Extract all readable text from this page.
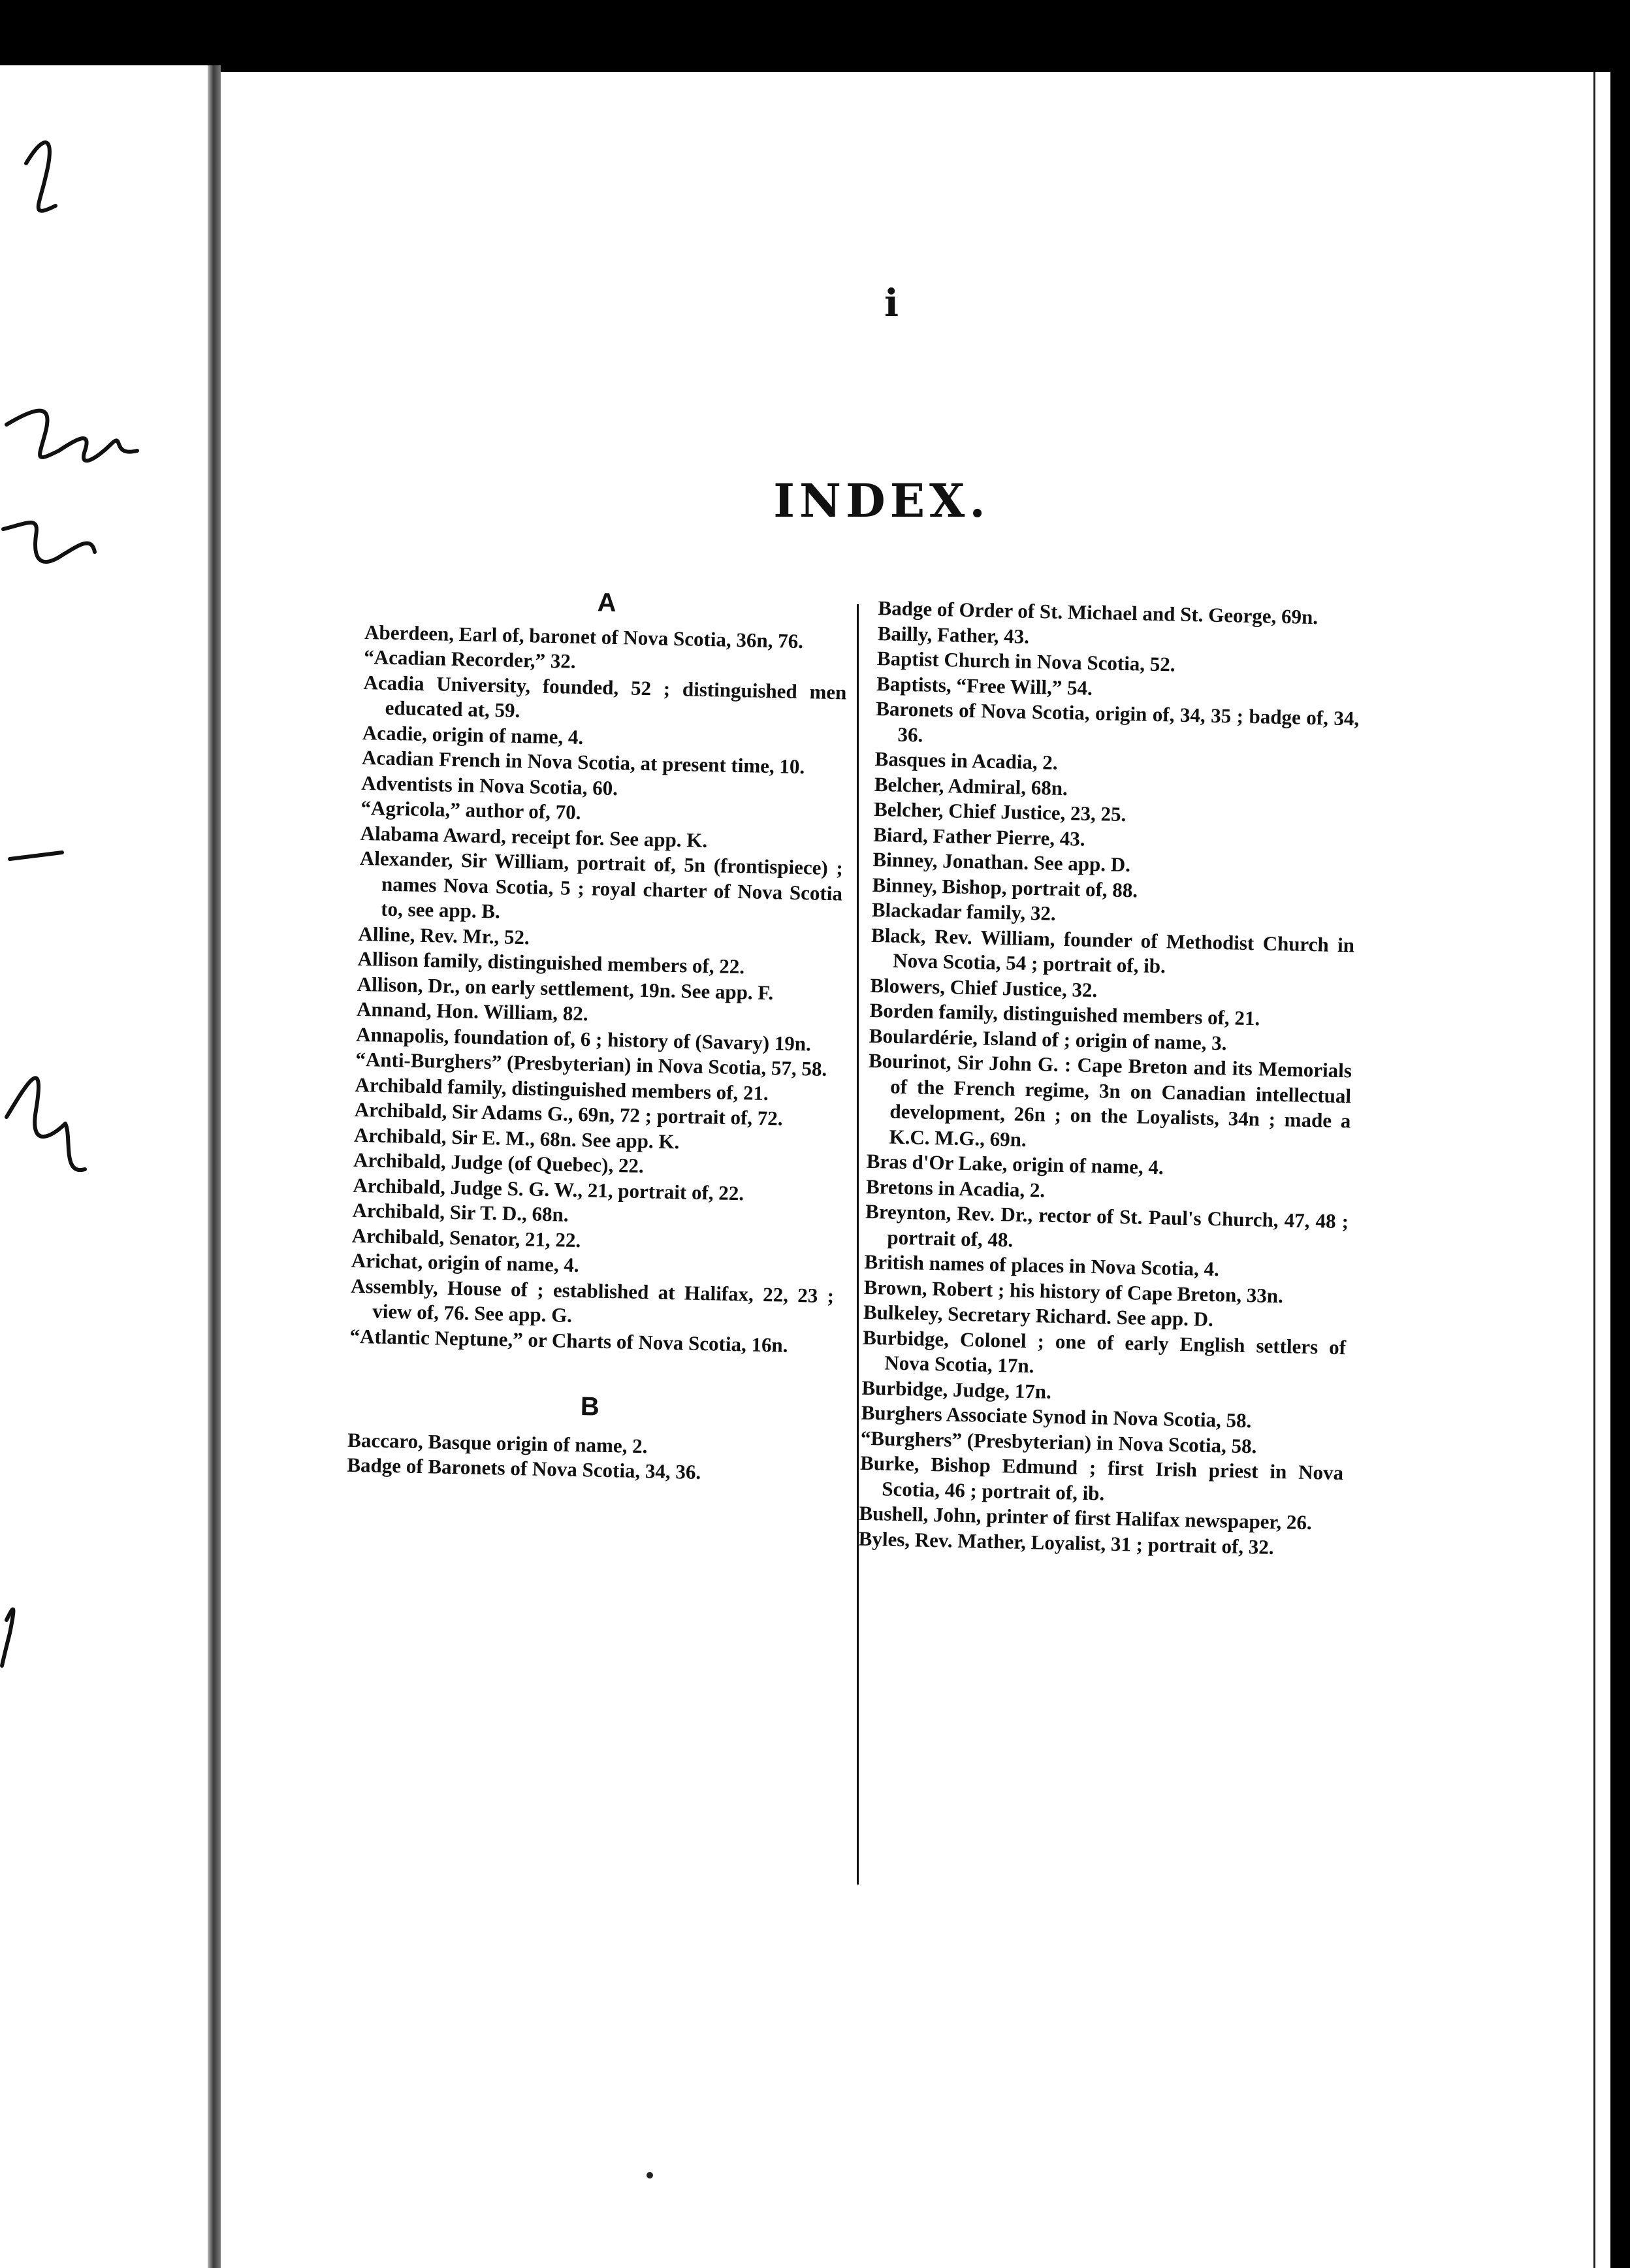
i
INDEX.
A
Aberdeen, Earl of, baronet of Nova Scotia, 36n, 76.
“Acadian Recorder,” 32.
Acadia University, founded, 52 ; distinguished men educated at, 59.
Acadie, origin of name, 4.
Acadian French in Nova Scotia, at present time, 10.
Adventists in Nova Scotia, 60.
“Agricola,” author of, 70.
Alabama Award, receipt for. See app. K.
Alexander, Sir William, portrait of, 5n (frontispiece) ; names Nova Scotia, 5 ; royal charter of Nova Scotia to, see app. B.
Alline, Rev. Mr., 52.
Allison family, distinguished members of, 22.
Allison, Dr., on early settlement, 19n. See app. F.
Annand, Hon. William, 82.
Annapolis, foundation of, 6 ; history of (Savary) 19n.
“Anti-Burghers” (Presbyterian) in Nova Scotia, 57, 58.
Archibald family, distinguished members of, 21.
Archibald, Sir Adams G., 69n, 72 ; portrait of, 72.
Archibald, Sir E. M., 68n. See app. K.
Archibald, Judge (of Quebec), 22.
Archibald, Judge S. G. W., 21, portrait of, 22.
Archibald, Sir T. D., 68n.
Archibald, Senator, 21, 22.
Arichat, origin of name, 4.
Assembly, House of ; established at Halifax, 22, 23 ; view of, 76. See app. G.
“Atlantic Neptune,” or Charts of Nova Scotia, 16n.
B
Baccaro, Basque origin of name, 2.
Badge of Baronets of Nova Scotia, 34, 36.
Badge of Order of St. Michael and St. George, 69n.
Bailly, Father, 43.
Baptist Church in Nova Scotia, 52.
Baptists, “Free Will,” 54.
Baronets of Nova Scotia, origin of, 34, 35 ; badge of, 34, 36.
Basques in Acadia, 2.
Belcher, Admiral, 68n.
Belcher, Chief Justice, 23, 25.
Biard, Father Pierre, 43.
Binney, Jonathan. See app. D.
Binney, Bishop, portrait of, 88.
Blackadar family, 32.
Black, Rev. William, founder of Methodist Church in Nova Scotia, 54 ; portrait of, ib.
Blowers, Chief Justice, 32.
Borden family, distinguished members of, 21.
Boulardérie, Island of ; origin of name, 3.
Bourinot, Sir John G. : Cape Breton and its Memorials of the French regime, 3n on Canadian intellectual development, 26n ; on the Loyalists, 34n ; made a K.C. M.G., 69n.
Bras d'Or Lake, origin of name, 4.
Bretons in Acadia, 2.
Breynton, Rev. Dr., rector of St. Paul's Church, 47, 48 ; portrait of, 48.
British names of places in Nova Scotia, 4.
Brown, Robert ; his history of Cape Breton, 33n.
Bulkeley, Secretary Richard. See app. D.
Burbidge, Colonel ; one of early English settlers of Nova Scotia, 17n.
Burbidge, Judge, 17n.
Burghers Associate Synod in Nova Scotia, 58.
“Burghers” (Presbyterian) in Nova Scotia, 58.
Burke, Bishop Edmund ; first Irish priest in Nova Scotia, 46 ; portrait of, ib.
Bushell, John, printer of first Halifax newspaper, 26.
Byles, Rev. Mather, Loyalist, 31 ; portrait of, 32.
